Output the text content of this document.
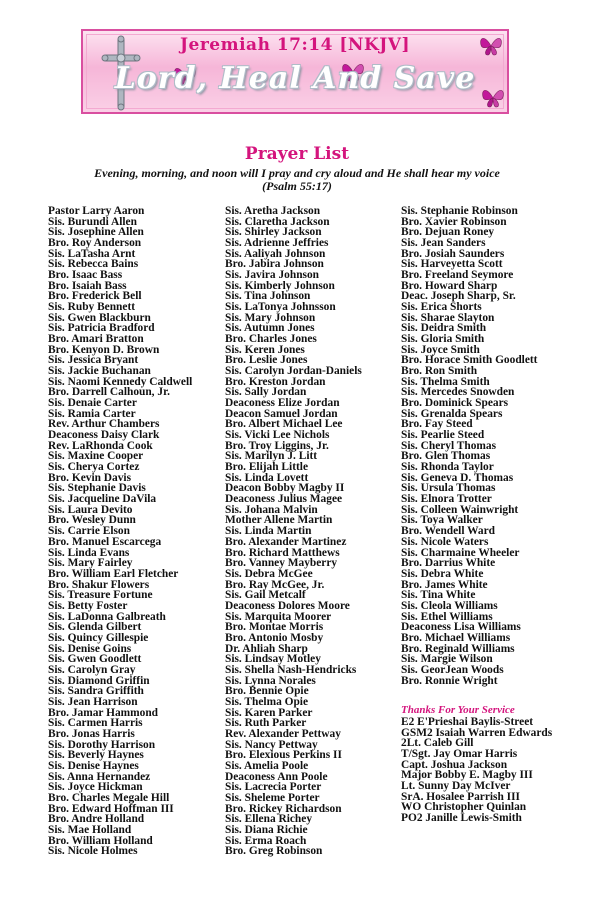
Jeremiah 17:14 [NKJV]
Lord, Heal And Save
Prayer List
Evening, morning, and noon will I pray and cry aloud and He shall hear my voice
(Psalm 55:17)
Pastor Larry Aaron
Sis. Burundi Allen
Sis. Josephine Allen
Bro. Roy Anderson
Sis. LaTasha Arnt
Sis. Rebecca Bains
Bro. Isaac Bass
Bro. Isaiah Bass
Bro. Frederick Bell
Sis. Ruby Bennett
Sis. Gwen Blackburn
Sis. Patricia Bradford
Bro. Amari Bratton
Bro. Kenyon D. Brown
Sis. Jessica Bryant
Sis. Jackie Buchanan
Sis. Naomi Kennedy Caldwell
Bro. Darrell Calhoun, Jr.
Sis. Denaie Carter
Sis. Ramia Carter
Rev. Arthur Chambers
Deaconess Daisy Clark
Rev. LaRhonda Cook
Sis. Maxine Cooper
Sis. Cherya Cortez
Bro. Kevin Davis
Sis. Stephanie Davis
Sis. Jacqueline DaVila
Sis. Laura Devito
Bro. Wesley Dunn
Sis. Carrie Elson
Bro. Manuel Escarcega
Sis. Linda Evans
Sis. Mary Fairley
Bro. William Earl Fletcher
Bro. Shakur Flowers
Sis. Treasure Fortune
Sis. Betty Foster
Sis. LaDonna Galbreath
Sis. Glenda Gilbert
Sis. Quincy Gillespie
Sis. Denise Goins
Sis. Gwen Goodlett
Sis. Carolyn Gray
Sis. Diamond Griffin
Sis. Sandra Griffith
Sis. Jean Harrison
Bro. Jamar Hammond
Sis. Carmen Harris
Bro. Jonas Harris
Sis. Dorothy Harrison
Sis. Beverly Haynes
Sis. Denise Haynes
Sis. Anna Hernandez
Sis. Joyce Hickman
Bro. Charles Megale Hill
Bro. Edward Hoffman III
Bro. Andre Holland
Sis. Mae Holland
Bro. William Holland
Sis. Nicole Holmes
Sis. Aretha Jackson
Sis. Claretha Jackson
Sis. Shirley Jackson
Sis. Adrienne Jeffries
Sis. Aaliyah Johnson
Bro. Jabira Johnson
Sis. Javira Johnson
Sis. Kimberly Johnson
Sis. Tina Johnson
Sis. LaTonya Johnsson
Sis. Mary Johnson
Sis. Autumn Jones
Bro. Charles Jones
Sis. Keren Jones
Bro. Leslie Jones
Sis. Carolyn Jordan-Daniels
Bro. Kreston Jordan
Sis. Sally Jordan
Deaconess Elize Jordan
Deacon Samuel Jordan
Bro. Albert Michael Lee
Sis. Vicki Lee Nichols
Bro. Troy Liggins, Jr.
Sis. Marilyn J. Litt
Bro. Elijah Little
Sis. Linda Lovett
Deacon Bobby Magby II
Deaconess Julius Magee
Sis. Johana Malvin
Mother Allene Martin
Sis. Linda Martin
Bro. Alexander Martinez
Bro. Richard Matthews
Bro. Vanney Mayberry
Sis. Debra McGee
Bro. Ray McGee, Jr.
Sis. Gail Metcalf
Deaconess Dolores Moore
Sis. Marquita Moorer
Bro. Montae Morris
Bro. Antonio Mosby
Dr. Ahliah Sharp
Sis. Lindsay Motley
Sis. Shella Nash-Hendricks
Sis. Lynna Norales
Bro. Bennie Opie
Sis. Thelma Opie
Sis. Karen Parker
Sis. Ruth Parker
Rev. Alexander Pettway
Sis. Nancy Pettway
Bro. Elexious Perkins II
Sis. Amelia Poole
Deaconess Ann Poole
Sis. Lacrecia Porter
Sis. Sheleme Porter
Bro. Rickey Richardson
Sis. Ellena Richey
Sis. Diana Richie
Sis. Erma Roach
Bro. Greg Robinson
Sis. Stephanie Robinson
Bro. Xavier Robinson
Bro. Dejuan Roney
Sis. Jean Sanders
Bro. Josiah Saunders
Sis. Harveyetta Scott
Bro. Freeland Seymore
Bro. Howard Sharp
Deac. Joseph Sharp, Sr.
Sis. Erica Shorts
Sis. Sharae Slayton
Sis. Deidra Smith
Sis. Gloria Smith
Sis. Joyce Smith
Bro. Horace Smith Goodlett
Bro. Ron Smith
Sis. Thelma Smith
Sis. Mercedes Snowden
Bro. Dominick Spears
Sis. Grenalda Spears
Bro. Fay Steed
Sis. Pearlie Steed
Sis. Cheryl Thomas
Bro. Glen Thomas
Sis. Rhonda Taylor
Sis. Geneva D. Thomas
Sis. Ursula Thomas
Sis. Elnora Trotter
Sis. Colleen Wainwright
Sis. Toya Walker
Bro. Wendell Ward
Sis. Nicole Waters
Sis. Charmaine Wheeler
Bro. Darrius White
Sis. Debra White
Bro. James White
Sis. Tina White
Sis. Cleola Williams
Sis. Ethel Williams
Deaconess Lisa Williams
Bro. Michael Williams
Bro. Reginald Williams
Sis. Margie Wilson
Sis. GeorJean Woods
Bro. Ronnie Wright
Thanks For Your Service
E2 E'Prieshai Baylis-Street
GSM2 Isaiah Warren Edwards
2Lt. Caleb Gill
T/Sgt. Jay Omar Harris
Capt. Joshua Jackson
Major Bobby E. Magby III
Lt. Sunny Day McIver
SrA. Hosalee Parrish III
WO Christopher Quinlan
PO2 Janille Lewis-Smith
